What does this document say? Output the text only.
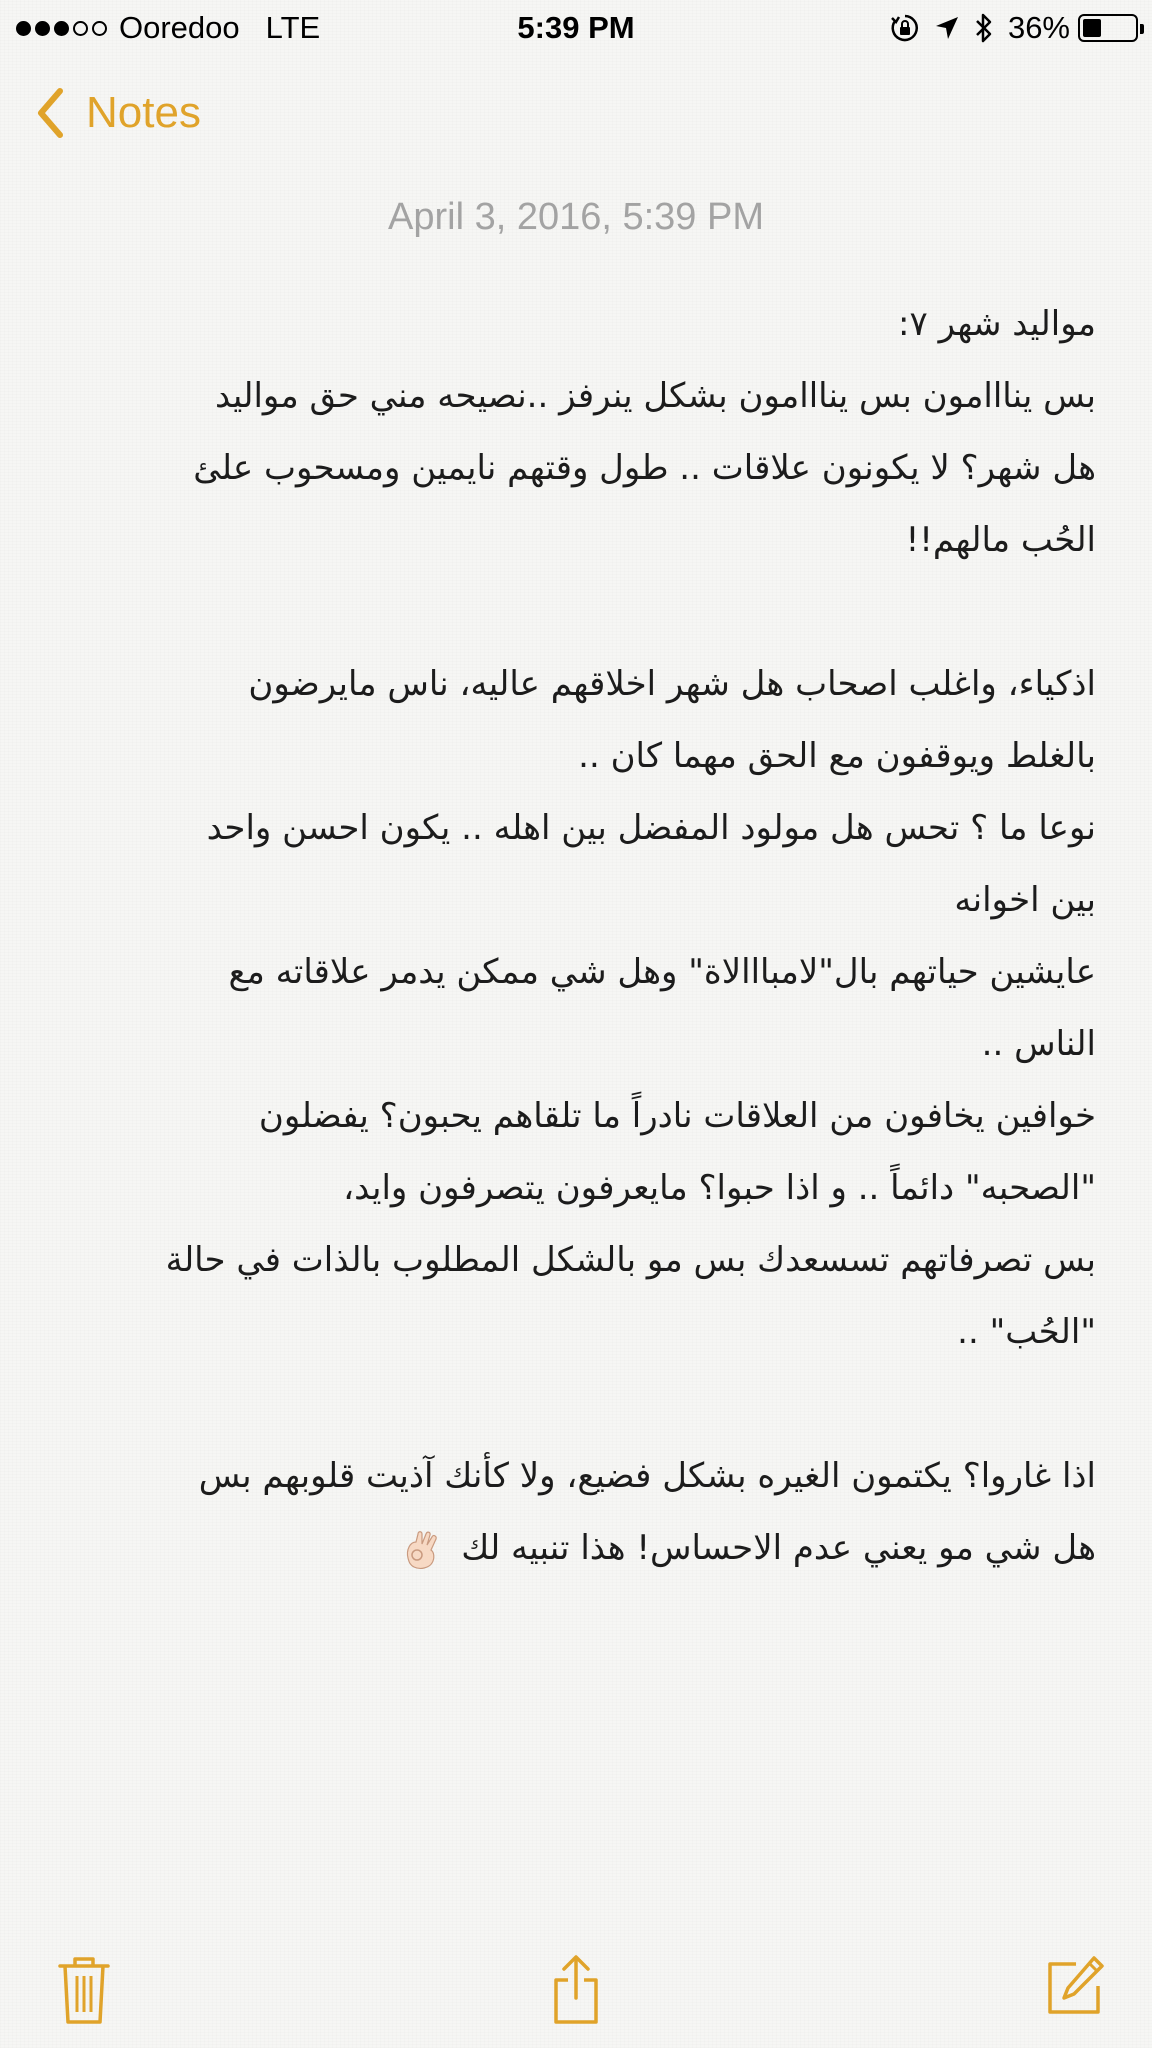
Ooredoo LTE	5:39 PM	36%
Notes
April 3, 2016, 5:39 PM
مواليد شهر ٧:
بس ينااامون بس ينااامون بشكل ينرفز ..نصيحه مني حق مواليد
هل شهر؟ لا يكونون علاقات .. طول وقتهم نايمين ومسحوب علئ
الحُب مالهم!!
اذكياء، واغلب اصحاب هل شهر اخلاقهم عاليه، ناس مايرضون
بالغلط ويوقفون مع الحق مهما كان ..
نوعا ما ؟ تحس هل مولود المفضل بين اهله .. يكون احسن واحد
بين اخوانه
عايشين حياتهم بال"لامبااالاة" وهل شي ممكن يدمر علاقاته مع
الناس ..
خوافين يخافون من العلاقات نادراً ما تلقاهم يحبون؟ يفضلون
"الصحبه" دائماً .. و اذا حبوا؟ مايعرفون يتصرفون وايد،
بس تصرفاتهم تسسعدك بس مو بالشكل المطلوب بالذات في حالة
"الحُب" ..
اذا غاروا؟ يكتمون الغيره بشكل فضيع، ولا كأنك آذيت قلوبهم بس
هل شي مو يعني عدم الاحساس! هذا تنبيه لك
